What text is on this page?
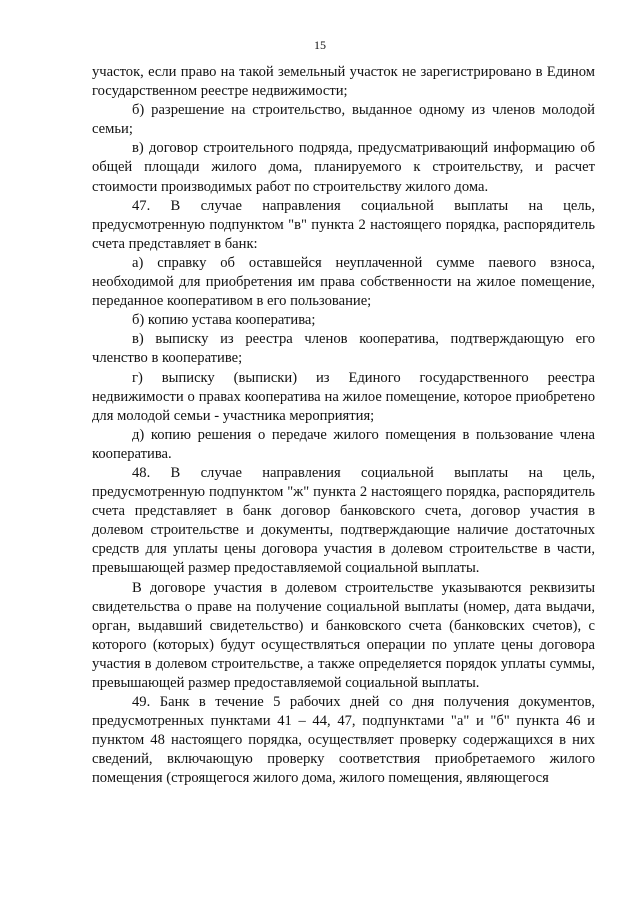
15

участок, если право на такой земельный участок не зарегистрировано в Едином государственном реестре недвижимости;

б) разрешение на строительство, выданное одному из членов молодой семьи;

в) договор строительного подряда, предусматривающий информацию об общей площади жилого дома, планируемого к строительству, и расчет стоимости производимых работ по строительству жилого дома.

47. В случае направления социальной выплаты на цель, предусмотренную подпунктом "в" пункта 2 настоящего порядка, распорядитель счета представляет в банк:

а) справку об оставшейся неуплаченной сумме паевого взноса, необходимой для приобретения им права собственности на жилое помещение, переданное кооперативом в его пользование;

б) копию устава кооператива;

в) выписку из реестра членов кооператива, подтверждающую его членство в кооперативе;

г) выписку (выписки) из Единого государственного реестра недвижимости о правах кооператива на жилое помещение, которое приобретено для молодой семьи - участника мероприятия;

д) копию решения о передаче жилого помещения в пользование члена кооператива.

48. В случае направления социальной выплаты на цель, предусмотренную подпунктом "ж" пункта 2 настоящего порядка, распорядитель счета представляет в банк договор банковского счета, договор участия в долевом строительстве и документы, подтверждающие наличие достаточных средств для уплаты цены договора участия в долевом строительстве в части, превышающей размер предоставляемой социальной выплаты.

В договоре участия в долевом строительстве указываются реквизиты свидетельства о праве на получение социальной выплаты (номер, дата выдачи, орган, выдавший свидетельство) и банковского счета (банковских счетов), с которого (которых) будут осуществляться операции по уплате цены договора участия в долевом строительстве, а также определяется порядок уплаты суммы, превышающей размер предоставляемой социальной выплаты.

49. Банк в течение 5 рабочих дней со дня получения документов, предусмотренных пунктами 41 – 44, 47, подпунктами "а" и "б" пункта 46 и пунктом 48 настоящего порядка, осуществляет проверку содержащихся в них сведений, включающую проверку соответствия приобретаемого жилого помещения (строящегося жилого дома, жилого помещения, являющегося
